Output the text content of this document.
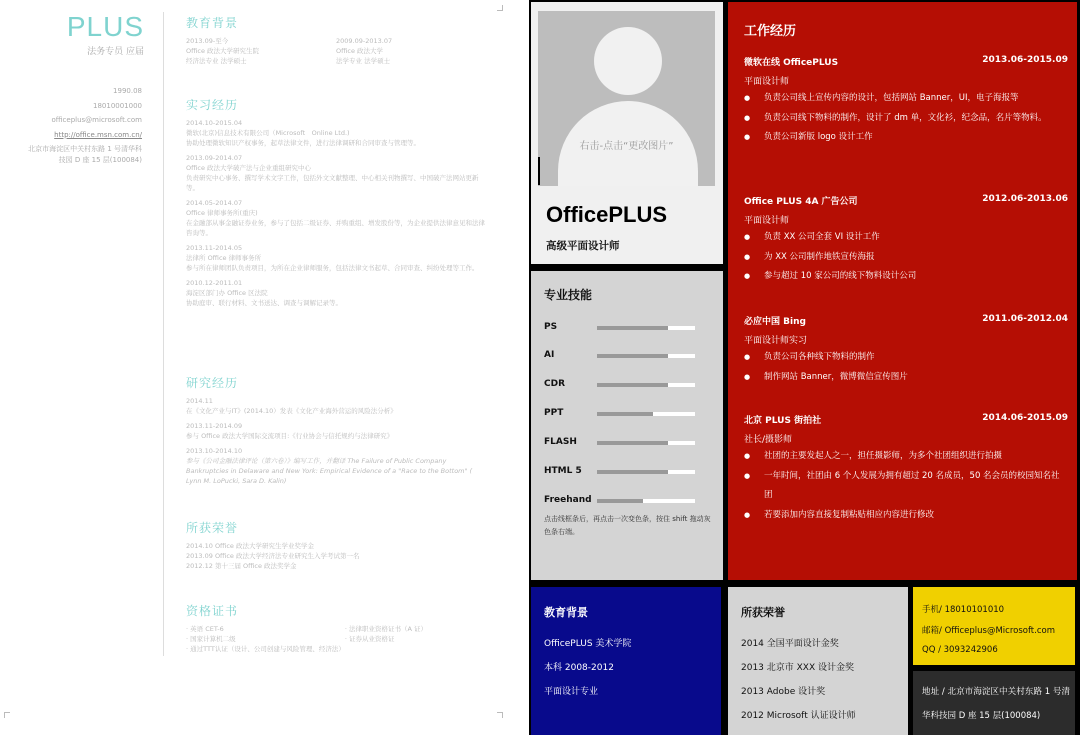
PLUS
法务专员 应届
1990.08
18010001000
officeplus@microsoft.com
http://office.msn.com.cn/
北京市海淀区中关村东路 1 号清华科
技园 D 座 15 层(100084)
教育背景
2013.09-至今
Office 政法大学研究生院
经济法专业 法学硕士
2009.09-2013.07
Office 政法大学
法学专业 法学硕士
实习经历
2014.10-2015.04
微软(北京)信息技术有限公司（Microsoft　Online Ltd.)
协助处理微软知识产权事务，起草法律文件，进行法律调研和合同审查与管理等。
2013.09-2014.07
Office 政法大学破产法与企业重组研究中心
负责研究中心事务、撰写学术文字工作，包括外文文献整理、中心相关刊物撰写、中国破产法网站更新等。
2014.05-2014.07
Office 律师事务所(重庆)
在金融部从事金融证券业务，参与了包括二级证券、并购重组、增发股份等，为企业提供法律意见和法律咨询等。
2013.11-2014.05
法律所 Office 律师事务所
参与所在律师团队负责项目，为所在企业律师服务，包括法律文书起草、合同审查、纠纷处理等工作。
2010.12-2011.01
海淀区部门办 Office 区法院
协助庭审、联行材料、文书送达、调查与调解记录等。
研究经历
2014.11
在《文化产业与IT》(2014.10）发表《文化产业海外营运的风险法分析》
2013.11-2014.09
参与 Office 政法大学国际交流项目:《行业协会与信托规约与法律研究》
2013.10-2014.10
参与《公司金融法律评论（第六卷）》编写工作，并翻译 The Failure of Public Company Bankruptcies in Delaware and New York: Empirical Evidence of a "Race to the Bottom" ( Lynn M. LoPucki, Sara D. Kalin)
所获荣誉
2014.10 Office 政法大学研究生学业奖学金
2013.09 Office 政法大学经济法专业研究生入学考试第一名
2012.12 第十三届 Office 政法奖学金
资格证书
· 英语 CET-6
· 国家计算机二级
· 通过TTT认证（设计、公司创建与风险管理、经济法）
· 法律职业资格证书（A 证）
· 证券从业资格证
右击-点击“更改图片”
OfficePLUS
高级平面设计师
专业技能
PS
AI
CDR
PPT
FLASH
HTML 5
Freehand
点击线框条后，再点击一次变色条，按住 shift 拖动灰色条右端。
工作经历
微软在线 OfficePLUS	2013.06-2015.09
平面设计师
● 负责公司线上宣传内容的设计，包括网站 Banner，UI，电子海报等
● 负责公司线下物料的制作，设计了 dm 单，文化衫，纪念品，名片等物料。
● 负责公司新版 logo 设计工作
Office PLUS 4A 广告公司	2012.06-2013.06
平面设计师
● 负责 XX 公司全套 VI 设计工作
● 为 XX 公司制作地铁宣传海报
● 参与超过 10 家公司的线下物料设计公司
必应中国 Bing	2011.06-2012.04
平面设计师实习
● 负责公司各种线下物料的制作
● 制作网站 Banner，微博微信宣传图片
北京 PLUS 街拍社	2014.06-2015.09
社长/摄影师
● 社团的主要发起人之一，担任摄影师，为多个社团组织进行拍摄
● 一年时间，社团由 6 个人发展为拥有超过 20 名成员，50 名会员的校园知名社团
● 若要添加内容直接复制粘贴相应内容进行修改
教育背景
OfficePLUS 美术学院
本科 2008-2012
平面设计专业
所获荣誉
2014 全国平面设计金奖
2013 北京市 XXX 设计金奖
2013 Adobe 设计奖
2012 Microsoft 认证设计师
手机/ 18010101010
邮箱/ Officeplus@Microsoft.com
QQ / 3093242906
地址 / 北京市海淀区中关村东路 1 号清华科技园 D 座 15 层(100084)
